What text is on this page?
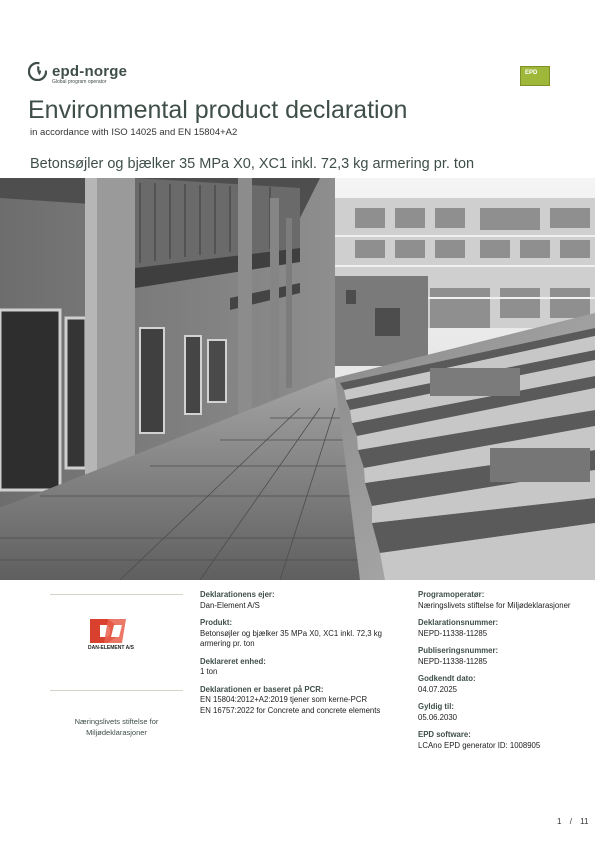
epd-norge
Global program operator
EPD
Environmental product declaration
in accordance with ISO 14025 and EN 15804+A2
Betonsøjler og bjælker 35 MPa X0, XC1 inkl. 72,3 kg armering pr. ton
DAN-ELEMENT A/S
Næringslivets stiftelse for Miljødeklarasjoner
Deklarationens ejer:
Dan-Element A/S
Produkt:
Betonsøjler og bjælker 35 MPa X0, XC1 inkl. 72,3 kg armering pr. ton
Deklareret enhed:
1 ton
Deklarationen er baseret på PCR:
EN 15804:2012+A2:2019 tjener som kerne-PCR
EN 16757:2022 for Concrete and concrete elements
Programoperatør:
Næringslivets stiftelse for Miljødeklarasjoner
Deklarationsnummer:
NEPD-11338-11285
Publiseringsnummer:
NEPD-11338-11285
Godkendt dato:
04.07.2025
Gyldig til:
05.06.2030
EPD software:
LCAno EPD generator ID: 1008905
1 / 11
